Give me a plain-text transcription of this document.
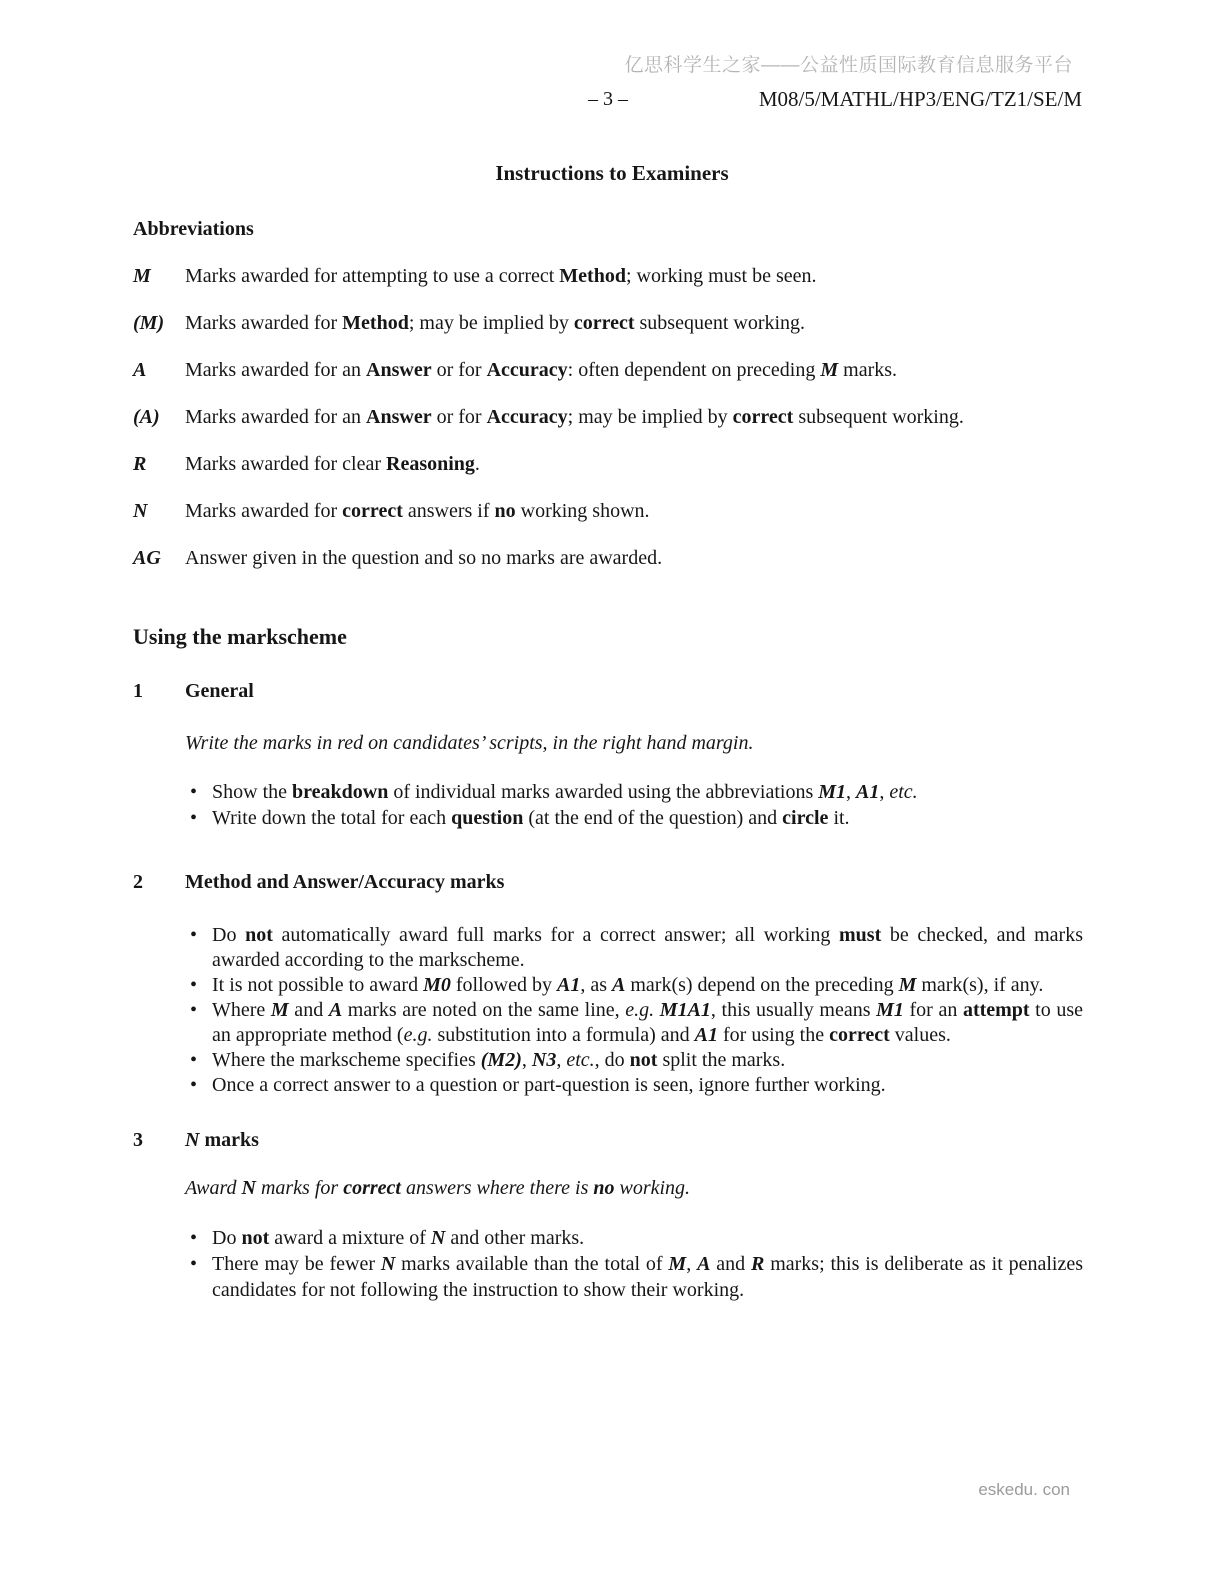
亿思科学生之家——公益性质国际教育信息服务平台
– 3 –	M08/5/MATHL/HP3/ENG/TZ1/SE/M
Instructions to Examiners
Abbreviations
M	Marks awarded for attempting to use a correct Method; working must be seen.
(M)	Marks awarded for Method; may be implied by correct subsequent working.
A	Marks awarded for an Answer or for Accuracy: often dependent on preceding M marks.
(A)	Marks awarded for an Answer or for Accuracy; may be implied by correct subsequent working.
R	Marks awarded for clear Reasoning.
N	Marks awarded for correct answers if no working shown.
AG	Answer given in the question and so no marks are awarded.
Using the markscheme
1	General
Write the marks in red on candidates’ scripts, in the right hand margin.
• Show the breakdown of individual marks awarded using the abbreviations M1, A1, etc.
• Write down the total for each question (at the end of the question) and circle it.
2	Method and Answer/Accuracy marks
• Do not automatically award full marks for a correct answer; all working must be checked, and marks awarded according to the markscheme.
• It is not possible to award M0 followed by A1, as A mark(s) depend on the preceding M mark(s), if any.
• Where M and A marks are noted on the same line, e.g. M1A1, this usually means M1 for an attempt to use an appropriate method (e.g. substitution into a formula) and A1 for using the correct values.
• Where the markscheme specifies (M2), N3, etc., do not split the marks.
• Once a correct answer to a question or part-question is seen, ignore further working.
3	N marks
Award N marks for correct answers where there is no working.
• Do not award a mixture of N and other marks.
• There may be fewer N marks available than the total of M, A and R marks; this is deliberate as it penalizes candidates for not following the instruction to show their working.
eskedu. con
